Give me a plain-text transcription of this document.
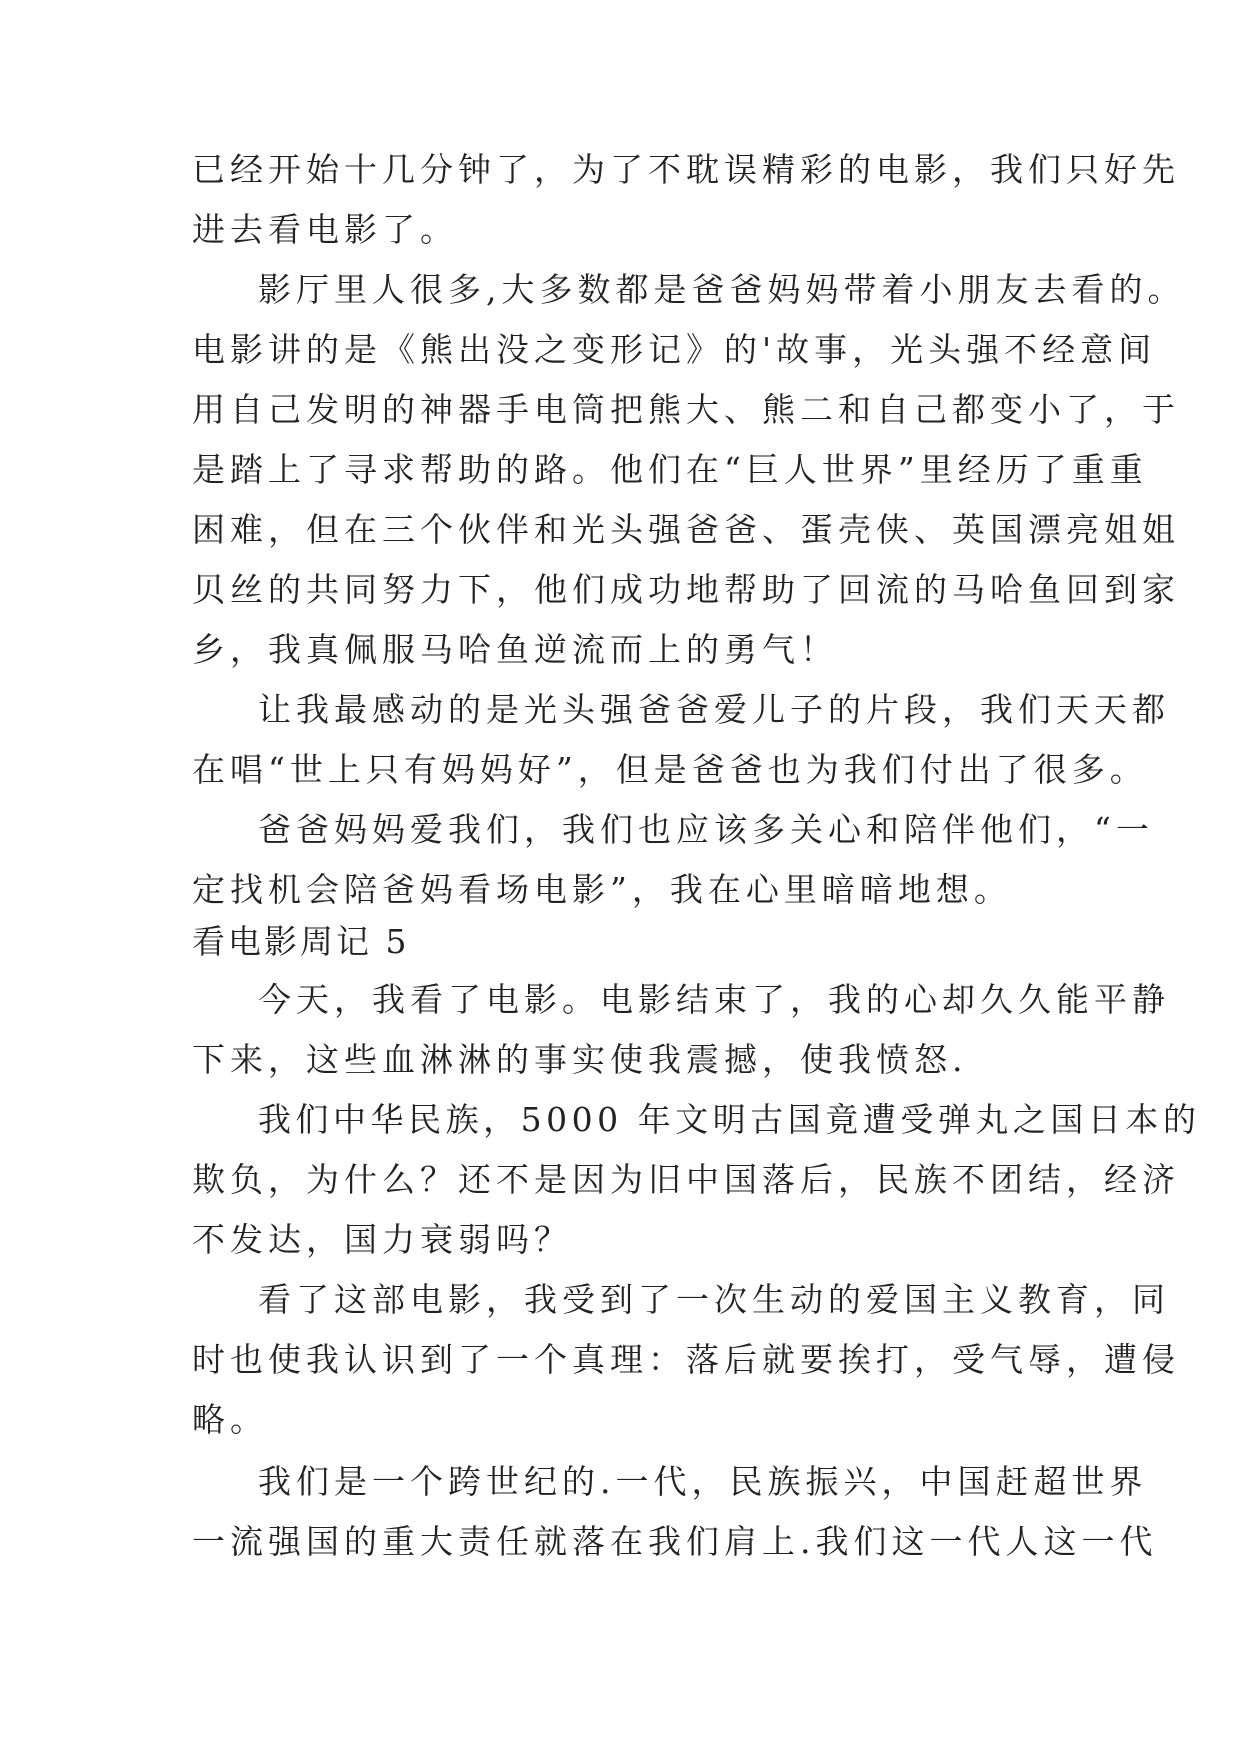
已经开始十几分钟了，为了不耽误精彩的电影，我们只好先
进去看电影了。
影厅里人很多,大多数都是爸爸妈妈带着小朋友去看的。
电影讲的是《熊出没之变形记》的'故事，光头强不经意间
用自己发明的神器手电筒把熊大、熊二和自己都变小了，于
是踏上了寻求帮助的路。他们在“巨人世界”里经历了重重
困难，但在三个伙伴和光头强爸爸、蛋壳侠、英国漂亮姐姐
贝丝的共同努力下，他们成功地帮助了回流的马哈鱼回到家
乡，我真佩服马哈鱼逆流而上的勇气！
让我最感动的是光头强爸爸爱儿子的片段，我们天天都
在唱“世上只有妈妈好”，但是爸爸也为我们付出了很多。
爸爸妈妈爱我们，我们也应该多关心和陪伴他们，“一
定找机会陪爸妈看场电影”，我在心里暗暗地想。
看电影周记 5
今天，我看了电影。电影结束了，我的心却久久能平静
下来，这些血淋淋的事实使我震撼，使我愤怒.
我们中华民族，5000 年文明古国竟遭受弹丸之国日本的
欺负，为什么？还不是因为旧中国落后，民族不团结，经济
不发达，国力衰弱吗？
看了这部电影，我受到了一次生动的爱国主义教育，同
时也使我认识到了一个真理：落后就要挨打，受气辱，遭侵
略。
我们是一个跨世纪的.一代，民族振兴，中国赶超世界
一流强国的重大责任就落在我们肩上.我们这一代人这一代
